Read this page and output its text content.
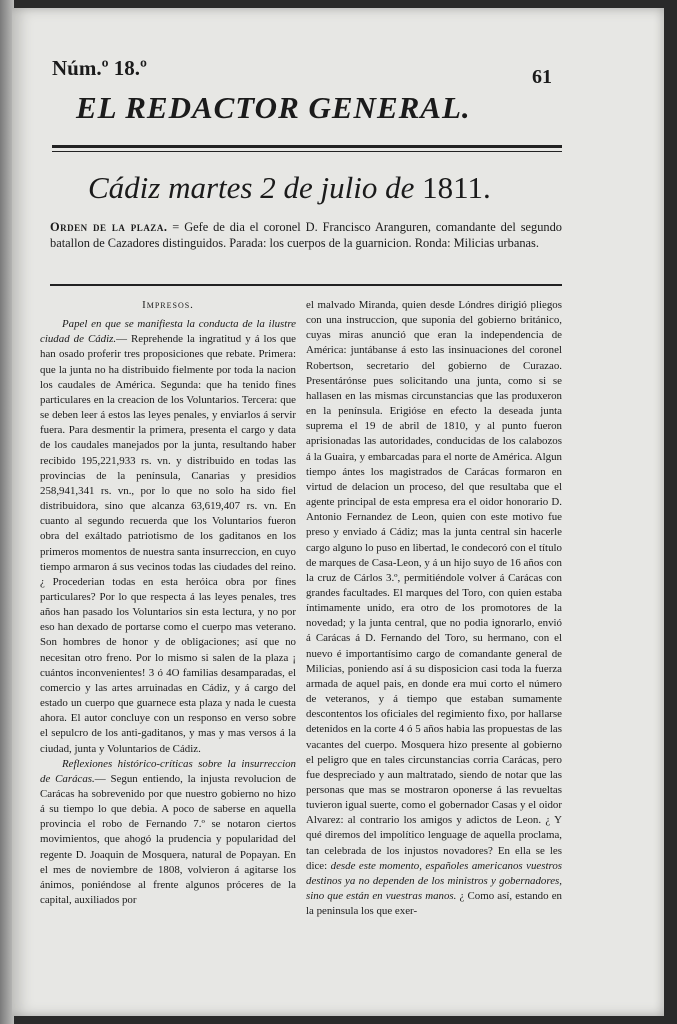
Núm.º 18.º	61
EL REDACTOR GENERAL.
Cádiz martes 2 de julio de 1811.
Orden de la plaza. = Gefe de dia el coronel D. Francisco Aranguren, comandante del segundo batallon de Cazadores distinguidos. Parada: los cuerpos de la guarnicion. Ronda: Milicias urbanas.

Impresos.

Papel en que se manifiesta la conducta de la ilustre ciudad de Cádiz.— Reprehende la ingratitud y á los que han osado proferir tres proposiciones que rebate. Primera: que la junta no ha distribuido fielmente por toda la nacion los caudales de América. Segunda: que ha tenido fines particulares en la creacion de los Voluntarios. Tercera: que se deben leer á estos las leyes penales, y enviarlos á servir fuera. Para desmentir la primera, presenta el cargo y data de los caudales manejados por la junta, resultando haber recibido 195,221,933 rs. vn. y distribuido en todas las provincias de la península, Canarias y presidios 258,941,341 rs. vn., por lo que no solo ha sido fiel distribuidora, sino que alcanza 63,619,407 rs. vn. En cuanto al segundo recuerda que los Voluntarios fueron obra del exáltado patriotismo de los gaditanos en los primeros momentos de nuestra santa insurreccion, en cuyo tiempo armaron á sus vecinos todas las ciudades del reino. ¿ Procederian todas en esta heróica obra por fines particulares? Por lo que respecta á las leyes penales, tres años han pasado los Voluntarios sin esta lectura, y no por eso han dexado de portarse como el cuerpo mas veterano. Son hombres de honor y de obligaciones; así que no necesitan otro freno. Por lo mismo si salen de la plaza ¡ cuántos inconvenientes! 3 ó 4O familias desamparadas, el comercio y las artes arruinadas en Cádiz, y á cargo del estado un cuerpo que guarnece esta plaza y nada le cuesta ahora. El autor concluye con un responso en verso sobre el sepulcro de los anti-gaditanos, y mas y mas versos á la ciudad, junta y Voluntarios de Cádiz.

Reflexiones histórico-críticas sobre la insurreccion de Carácas.— Segun entiendo, la injusta revolucion de Carácas ha sobrevenido por que nuestro gobierno no hizo á su tiempo lo que debia. A poco de saberse en aquella provincia el robo de Fernando 7.º se notaron ciertos movimientos, que ahogó la prudencia y popularidad del regente D. Joaquin de Mosquera, natural de Popayan. En el mes de noviembre de 1808, volvieron á agitarse los ánimos, poniéndose al frente algunos próceres de la capital, auxiliados por

el malvado Miranda, quien desde Lóndres dirigió pliegos con una instruccion, que suponia del gobierno británico, cuyas miras anunció que eran la independencia de América: juntábanse á esto las insinuaciones del coronel Robertson, secretario del gobierno de Curazao. Presentárónse pues solicitando una junta, como si se hallasen en las mismas circunstancias que las produxeron en la península. Erigióse en efecto la deseada junta suprema el 19 de abril de 1810, y al punto fueron aprisionadas las autoridades, conducidas de los calabozos á la Guaira, y embarcadas para el norte de América. Algun tiempo ántes los magistrados de Carácas formaron en virtud de delacion un proceso, del que resultaba que el agente principal de esta empresa era el oidor honorario D. Antonio Fernandez de Leon, quien con este motivo fue preso y enviado á Cádiz; mas la junta central sin hacerle cargo alguno lo puso en libertad, le condecoró con el título de marques de Casa-Leon, y á un hijo suyo de 16 años con la cruz de Cárlos 3.º, permitiéndole volver á Carácas con grandes facultades. El marques del Toro, con quien estaba íntimamente unido, era otro de los promotores de la novedad; y la junta central, que no podia ignorarlo, envió á Carácas á D. Fernando del Toro, su hermano, con el nuevo é importantísimo cargo de comandante general de Milicias, poniendo así á su disposicion casi toda la fuerza armada de aquel pais, en donde era mui corto el número de veteranos, y á tiempo que estaban sumamente descontentos los oficiales del regimiento fixo, por hallarse detenidos en la corte 4 ó 5 años habia las propuestas de las vacantes del cuerpo. Mosquera hizo presente al gobierno el peligro que en tales circunstancias corria Carácas, pero fue despreciado y aun maltratado, siendo de notar que las personas que mas se mostraron oponerse á las revueltas tuvieron igual suerte, como el gobernador Casas y el oidor Alvarez: al contrario los amigos y adictos de Leon. ¿ Y qué diremos del impolítico lenguage de aquella proclama, tan celebrada de los injustos novadores? En ella se les dice: desde este momento, españoles americanos vuestros destinos ya no dependen de los ministros y gobernadores, sino que están en vuestras manos. ¿ Como así, estando en la peninsula los que exer-
